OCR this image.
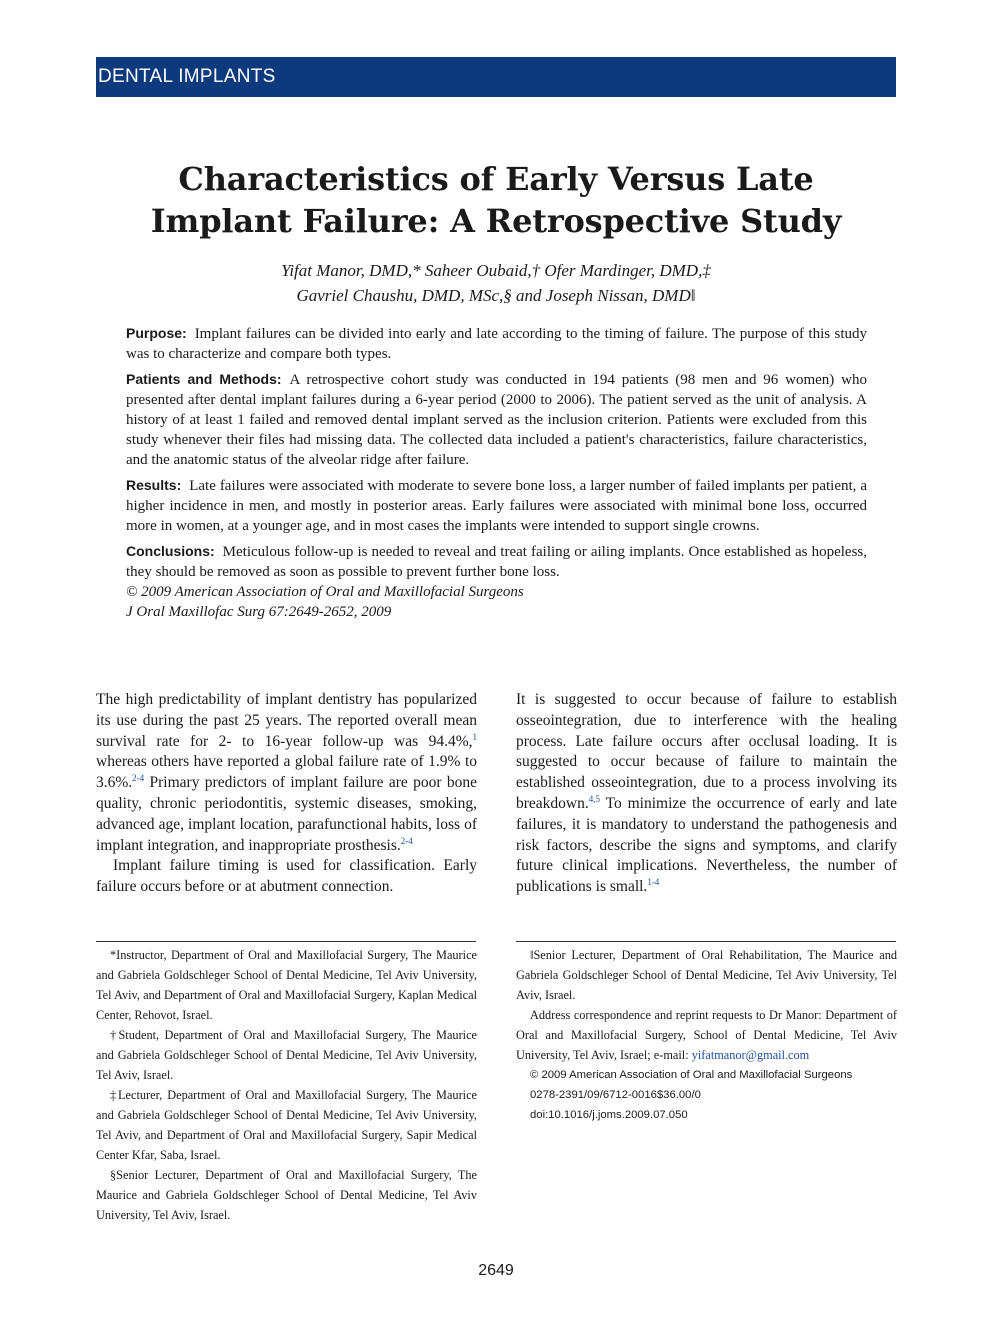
DENTAL IMPLANTS
Characteristics of Early Versus Late
Implant Failure: A Retrospective Study
Yifat Manor, DMD,* Saheer Oubaid,† Ofer Mardinger, DMD,‡
Gavriel Chaushu, DMD, MSc,§ and Joseph Nissan, DMD‖

Purpose: Implant failures can be divided into early and late according to the timing of failure. The purpose of this study was to characterize and compare both types.

Patients and Methods: A retrospective cohort study was conducted in 194 patients (98 men and 96 women) who presented after dental implant failures during a 6-year period (2000 to 2006). The patient served as the unit of analysis. A history of at least 1 failed and removed dental implant served as the inclusion criterion. Patients were excluded from this study whenever their files had missing data. The collected data included a patient's characteristics, failure characteristics, and the anatomic status of the alveolar ridge after failure.

Results: Late failures were associated with moderate to severe bone loss, a larger number of failed implants per patient, a higher incidence in men, and mostly in posterior areas. Early failures were associated with minimal bone loss, occurred more in women, at a younger age, and in most cases the implants were intended to support single crowns.

Conclusions: Meticulous follow-up is needed to reveal and treat failing or ailing implants. Once established as hopeless, they should be removed as soon as possible to prevent further bone loss.

© 2009 American Association of Oral and Maxillofacial Surgeons

J Oral Maxillofac Surg 67:2649-2652, 2009

The high predictability of implant dentistry has popularized its use during the past 25 years. The reported overall mean survival rate for 2- to 16-year follow-up was 94.4%,$^1$ whereas others have reported a global failure rate of 1.9% to 3.6%.$^{2-4}$ Primary predictors of implant failure are poor bone quality, chronic periodontitis, systemic diseases, smoking, advanced age, implant location, parafunctional habits, loss of implant integration, and inappropriate prosthesis.$^{2-4}$

Implant failure timing is used for classification. Early failure occurs before or at abutment connection.

It is suggested to occur because of failure to establish osseointegration, due to interference with the healing process. Late failure occurs after occlusal loading. It is suggested to occur because of failure to maintain the established osseointegration, due to a process involving its breakdown.$^{4,5}$ To minimize the occurrence of early and late failures, it is mandatory to understand the pathogenesis and risk factors, describe the signs and symptoms, and clarify future clinical implications. Nevertheless, the number of publications is small.$^{1-4}$

*Instructor, Department of Oral and Maxillofacial Surgery, The Maurice and Gabriela Goldschleger School of Dental Medicine, Tel Aviv University, Tel Aviv, and Department of Oral and Maxillofacial Surgery, Kaplan Medical Center, Rehovot, Israel.

†Student, Department of Oral and Maxillofacial Surgery, The Maurice and Gabriela Goldschleger School of Dental Medicine, Tel Aviv University, Tel Aviv, Israel.

‡Lecturer, Department of Oral and Maxillofacial Surgery, The Maurice and Gabriela Goldschleger School of Dental Medicine, Tel Aviv University, Tel Aviv, and Department of Oral and Maxillofacial Surgery, Sapir Medical Center Kfar, Saba, Israel.

§Senior Lecturer, Department of Oral and Maxillofacial Surgery, The Maurice and Gabriela Goldschleger School of Dental Medicine, Tel Aviv University, Tel Aviv, Israel.

‖Senior Lecturer, Department of Oral Rehabilitation, The Maurice and Gabriela Goldschleger School of Dental Medicine, Tel Aviv University, Tel Aviv, Israel.

Address correspondence and reprint requests to Dr Manor: Department of Oral and Maxillofacial Surgery, School of Dental Medicine, Tel Aviv University, Tel Aviv, Israel; e-mail: yifatmanor@gmail.com

© 2009 American Association of Oral and Maxillofacial Surgeons

0278-2391/09/6712-0016$36.00/0

doi:10.1016/j.joms.2009.07.050

2649
